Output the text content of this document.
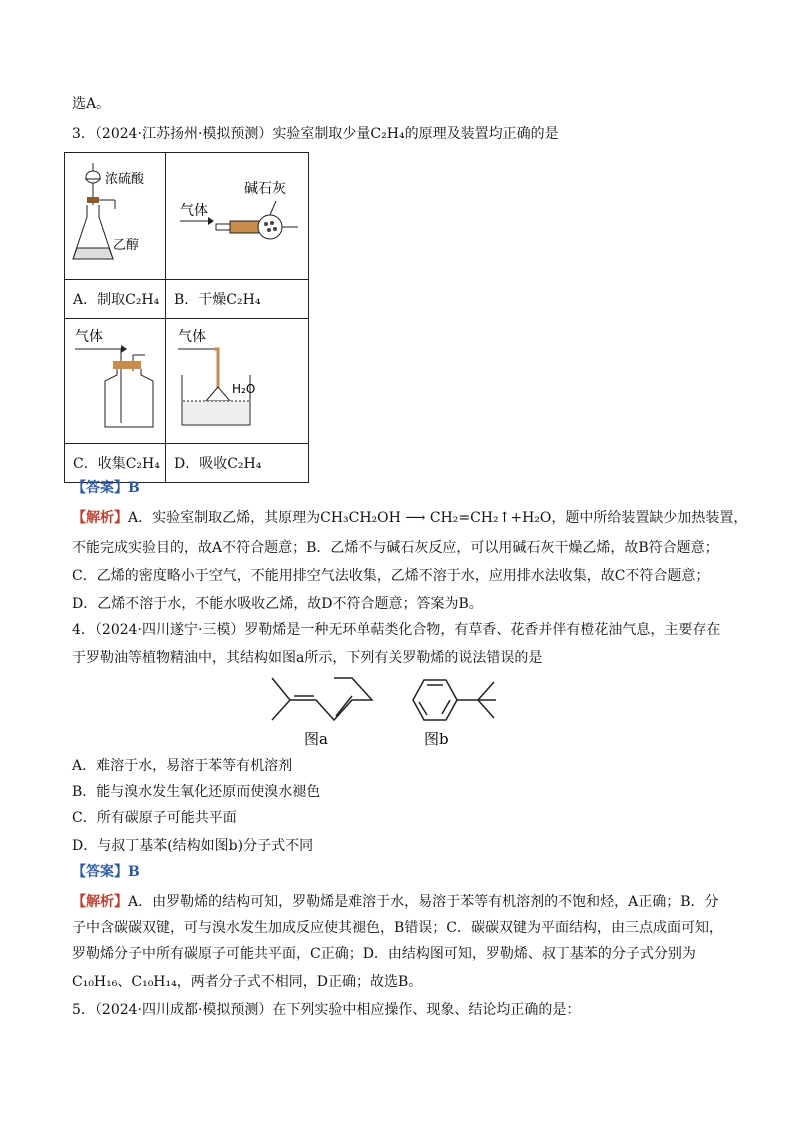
选A。
3．（2024·江苏扬州·模拟预测）实验室制取少量C₂H₄的原理及装置均正确的是
浓硫酸
乙醇	碱石灰
气体

A．制取C₂H₄	B．干燥C₂H₄

气体	气体
H₂O

C．收集C₂H₄	D．吸收C₂H₄
【答案】B
【解析】A．实验室制取乙烯，其原理为CH₃CH₂OH ⟶ CH₂=CH₂↑+H₂O，题中所给装置缺少加热装置，
不能完成实验目的，故A不符合题意；B．乙烯不与碱石灰反应，可以用碱石灰干燥乙烯，故B符合题意；
C．乙烯的密度略小于空气，不能用排空气法收集，乙烯不溶于水，应用排水法收集，故C不符合题意；
D．乙烯不溶于水，不能水吸收乙烯，故D不符合题意；答案为B。
4．（2024·四川遂宁·三模）罗勒烯是一种无环单萜类化合物，有草香、花香并伴有橙花油气息，主要存在
于罗勒油等植物精油中，其结构如图a所示，下列有关罗勒烯的说法错误的是
图a	图b
A．难溶于水，易溶于苯等有机溶剂
B．能与溴水发生氧化还原而使溴水褪色
C．所有碳原子可能共平面
D．与叔丁基苯(结构如图b)分子式不同
【答案】B
【解析】A．由罗勒烯的结构可知，罗勒烯是难溶于水，易溶于苯等有机溶剂的不饱和烃，A正确；B．分
子中含碳碳双键，可与溴水发生加成反应使其褪色，B错误；C．碳碳双键为平面结构，由三点成面可知，
罗勒烯分子中所有碳原子可能共平面，C正确；D．由结构图可知，罗勒烯、叔丁基苯的分子式分别为
C₁₀H₁₆、C₁₀H₁₄，两者分子式不相同，D正确；故选B。
5．（2024·四川成都·模拟预测）在下列实验中相应操作、现象、结论均正确的是：
